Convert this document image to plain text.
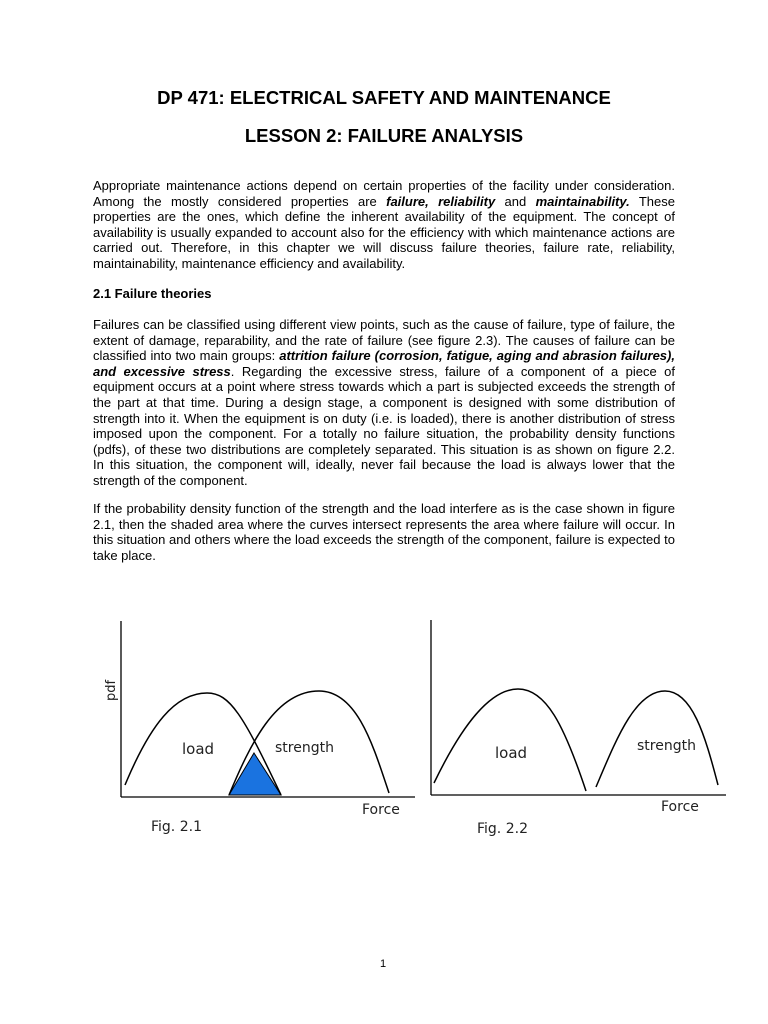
DP 471: ELECTRICAL SAFETY AND MAINTENANCE
LESSON 2: FAILURE ANALYSIS

Appropriate maintenance actions depend on certain properties of the facility under consideration. Among the mostly considered properties are failure, reliability and maintainability. These properties are the ones, which define the inherent availability of the equipment. The concept of availability is usually expanded to account also for the efficiency with which maintenance actions are carried out. Therefore, in this chapter we will discuss failure theories, failure rate, reliability, maintainability, maintenance efficiency and availability.

2.1 Failure theories

Failures can be classified using different view points, such as the cause of failure, type of failure, the extent of damage, reparability, and the rate of failure (see figure 2.3). The causes of failure can be classified into two main groups: attrition failure (corrosion, fatigue, aging and abrasion failures), and excessive stress. Regarding the excessive stress, failure of a component of a piece of equipment occurs at a point where stress towards which a part is subjected exceeds the strength of the part at that time. During a design stage, a component is designed with some distribution of strength into it. When the equipment is on duty (i.e. is loaded), there is another distribution of stress imposed upon the component. For a totally no failure situation, the probability density functions (pdfs), of these two distributions are completely separated. This situation is as shown on figure 2.2. In this situation, the component will, ideally, never fail because the load is always lower that the strength of the component.

If the probability density function of the strength and the load interfere as is the case shown in figure 2.1, then the shaded area where the curves intersect represents the area where failure will occur. In this situation and others where the load exceeds the strength of the component, failure is expected to take place.

pdf
load	strength
Force
Fig. 2.1
load	strength
Force
Fig. 2.2
1
